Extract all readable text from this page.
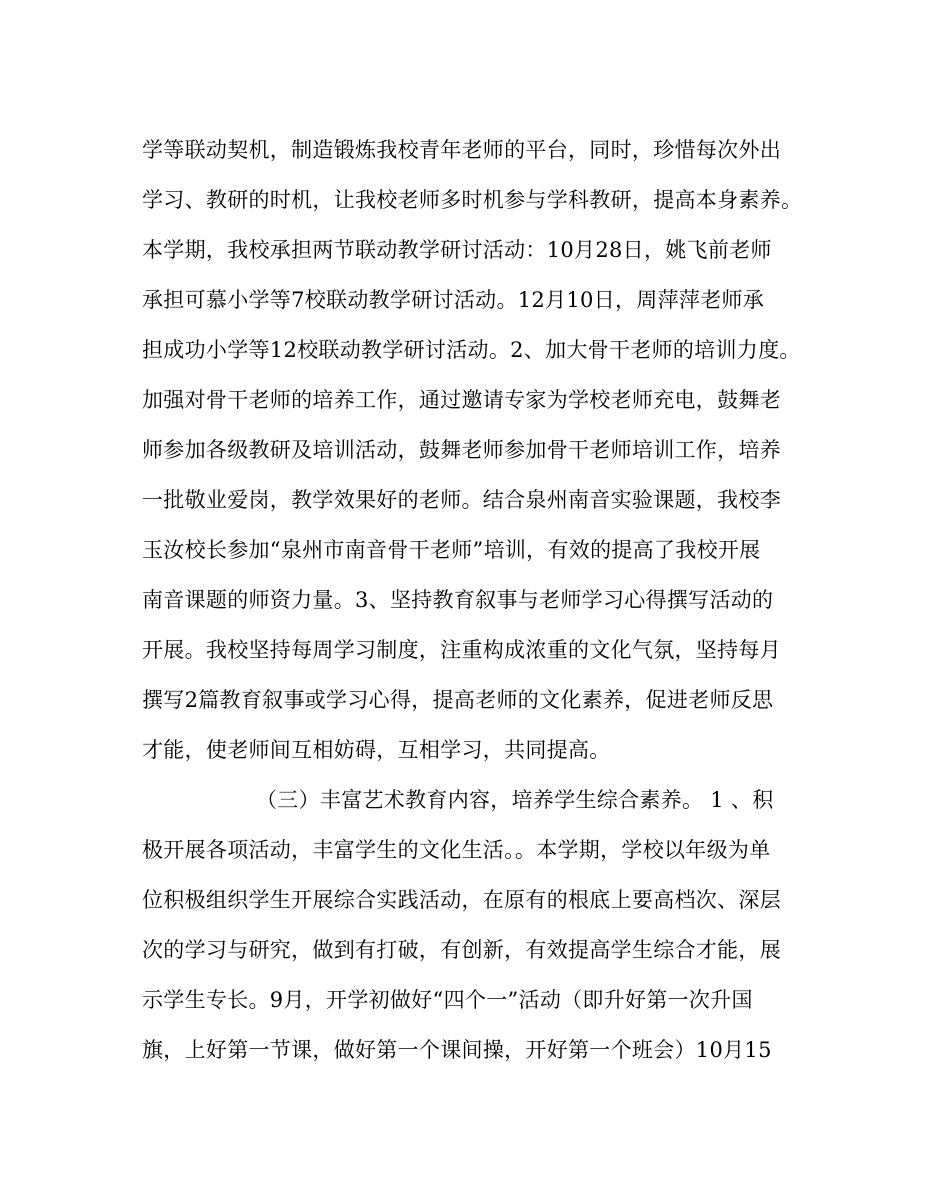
学等联动契机，制造锻炼我校青年老师的平台，同时，珍惜每次外出
学习、教研的时机，让我校老师多时机参与学科教研，提高本身素养。
本学期，我校承担两节联动教学研讨活动：10月28日，姚飞前老师
承担可慕小学等7校联动教学研讨活动。12月10日，周萍萍老师承
担成功小学等12校联动教学研讨活动。2、加大骨干老师的培训力度。
加强对骨干老师的培养工作，通过邀请专家为学校老师充电，鼓舞老
师参加各级教研及培训活动，鼓舞老师参加骨干老师培训工作，培养
一批敬业爱岗，教学效果好的老师。结合泉州南音实验课题，我校李
玉汝校长参加“泉州市南音骨干老师”培训，有效的提高了我校开展
南音课题的师资力量。3、坚持教育叙事与老师学习心得撰写活动的
开展。我校坚持每周学习制度，注重构成浓重的文化气氛，坚持每月
撰写2篇教育叙事或学习心得，提高老师的文化素养，促进老师反思
才能，使老师间互相妨碍，互相学习，共同提高。
（三）丰富艺术教育内容，培养学生综合素养。 1 、积
极开展各项活动，丰富学生的文化生活。。本学期，学校以年级为单
位积极组织学生开展综合实践活动，在原有的根底上要高档次、深层
次的学习与研究，做到有打破，有创新，有效提高学生综合才能，展
示学生专长。9月，开学初做好“四个一”活动（即升好第一次升国
旗，上好第一节课，做好第一个课间操，开好第一个班会）10月15
